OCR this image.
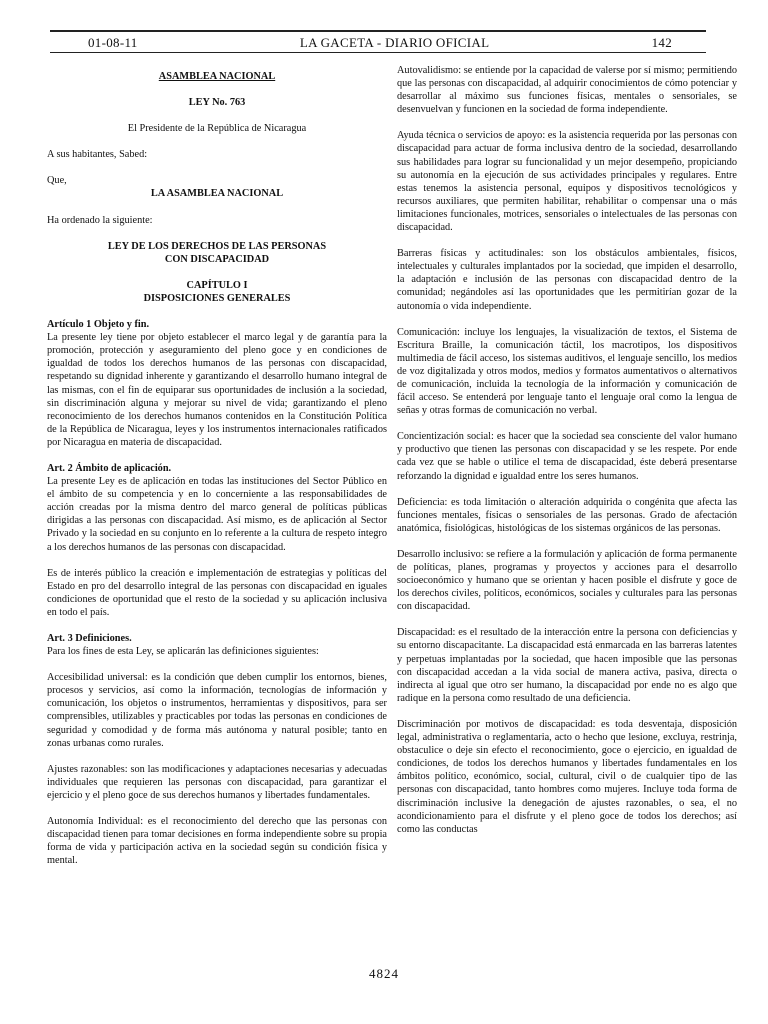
01-08-11	LA GACETA - DIARIO OFICIAL	142

ASAMBLEA NACIONAL

LEY No. 763

El Presidente de la República de Nicaragua

A sus habitantes, Sabed:

Que,

LA ASAMBLEA NACIONAL

Ha ordenado la siguiente:

LEY DE LOS DERECHOS DE LAS PERSONAS

CON DISCAPACIDAD

CAPÍTULO I

DISPOSICIONES GENERALES

Artículo 1 Objeto y fin.

La presente ley tiene por objeto establecer el marco legal y de garantía para la promoción, protección y aseguramiento del pleno goce y en condiciones de igualdad de todos los derechos humanos de las personas con discapacidad, respetando su dignidad inherente y garantizando el desarrollo humano integral de las mismas, con el fin de equiparar sus oportunidades de inclusión a la sociedad, sin discriminación alguna y mejorar su nivel de vida; garantizando el pleno reconocimiento de los derechos humanos contenidos en la Constitución Política de la República de Nicaragua, leyes y los instrumentos internacionales ratificados por Nicaragua en materia de discapacidad.

Art. 2 Ámbito de aplicación.

La presente Ley es de aplicación en todas las instituciones del Sector Público en el ámbito de su competencia y en lo concerniente a las responsabilidades de acción creadas por la misma dentro del marco general de políticas públicas dirigidas a las personas con discapacidad. Así mismo, es de aplicación al Sector Privado y la sociedad en su conjunto en lo referente a la cultura de respeto íntegro a los derechos humanos de las personas con discapacidad.

Es de interés público la creación e implementación de estrategias y políticas del Estado en pro del desarrollo integral de las personas con discapacidad en iguales condiciones de oportunidad que el resto de la sociedad y su aplicación inclusiva en todo el país.

Art. 3 Definiciones.

Para los fines de esta Ley, se aplicarán las definiciones siguientes:

Accesibilidad universal: es la condición que deben cumplir los entornos, bienes, procesos y servicios, así como la información, tecnologías de información y comunicación, los objetos o instrumentos, herramientas y dispositivos, para ser comprensibles, utilizables y practicables por todas las personas en condiciones de seguridad y comodidad y de forma más autónoma y natural posible; tanto en zonas urbanas como rurales.

Ajustes razonables: son las modificaciones y adaptaciones necesarias y adecuadas individuales que requieren las personas con discapacidad, para garantizar el ejercicio y el pleno goce de sus derechos humanos y libertades fundamentales.

Autonomía Individual: es el reconocimiento del derecho que las personas con discapacidad tienen para tomar decisiones en forma independiente sobre su propia forma de vida y participación activa en la sociedad según su condición física y mental.

Autovalidismo: se entiende por la capacidad de valerse por sí mismo; permitiendo que las personas con discapacidad, al adquirir conocimientos de cómo potenciar y desarrollar al máximo sus funciones físicas, mentales o sensoriales, se desenvuelvan y funcionen en la sociedad de forma independiente.

Ayuda técnica o servicios de apoyo: es la asistencia requerida por las personas con discapacidad para actuar de forma inclusiva dentro de la sociedad, desarrollando sus habilidades para lograr su funcionalidad y un mejor desempeño, propiciando su autonomía en la ejecución de sus actividades principales y regulares. Entre estas tenemos la asistencia personal, equipos y dispositivos tecnológicos y recursos auxiliares, que permiten habilitar, rehabilitar o compensar una o más limitaciones funcionales, motrices, sensoriales o intelectuales de las personas con discapacidad.

Barreras físicas y actitudinales: son los obstáculos ambientales, físicos, intelectuales y culturales implantados por la sociedad, que impiden el desarrollo, la adaptación e inclusión de las personas con discapacidad dentro de la comunidad; negándoles así las oportunidades que les permitirían gozar de la autonomía o vida independiente.

Comunicación: incluye los lenguajes, la visualización de textos, el Sistema de Escritura Braille, la comunicación táctil, los macrotipos, los dispositivos multimedia de fácil acceso, los sistemas auditivos, el lenguaje sencillo, los medios de voz digitalizada y otros modos, medios y formatos aumentativos o alternativos de comunicación, incluida la tecnología de la información y comunicación de fácil acceso. Se entenderá por lenguaje tanto el lenguaje oral como la lengua de señas y otras formas de comunicación no verbal.

Concientización social: es hacer que la sociedad sea consciente del valor humano y productivo que tienen las personas con discapacidad y se les respete. Por ende cada vez que se hable o utilice el tema de discapacidad, éste deberá presentarse reforzando la dignidad e igualdad entre los seres humanos.

Deficiencia: es toda limitación o alteración adquirida o congénita que afecta las funciones mentales, físicas o sensoriales de las personas. Grado de afectación anatómica, fisiológicas, histológicas de los sistemas orgánicos de las personas.

Desarrollo inclusivo: se refiere a la formulación y aplicación de forma permanente de políticas, planes, programas y proyectos y acciones para el desarrollo socioeconómico y humano que se orientan y hacen posible el disfrute y goce de los derechos civiles, políticos, económicos, sociales y culturales para las personas con discapacidad.

Discapacidad: es el resultado de la interacción entre la persona con deficiencias y su entorno discapacitante. La discapacidad está enmarcada en las barreras latentes y perpetuas implantadas por la sociedad, que hacen imposible que las personas con discapacidad accedan a la vida social de manera activa, pasiva, directa o indirecta al igual que otro ser humano, la discapacidad por ende no es algo que radique en la persona como resultado de una deficiencia.

Discriminación por motivos de discapacidad: es toda desventaja, disposición legal, administrativa o reglamentaria, acto o hecho que lesione, excluya, restrinja, obstaculice o deje sin efecto el reconocimiento, goce o ejercicio, en igualdad de condiciones, de todos los derechos humanos y libertades fundamentales en los ámbitos político, económico, social, cultural, civil o de cualquier tipo de las personas con discapacidad, tanto hombres como mujeres. Incluye toda forma de discriminación inclusive la denegación de ajustes razonables, o sea, el no acondicionamiento para el disfrute y el pleno goce de todos los derechos; así como las conductas

4824
